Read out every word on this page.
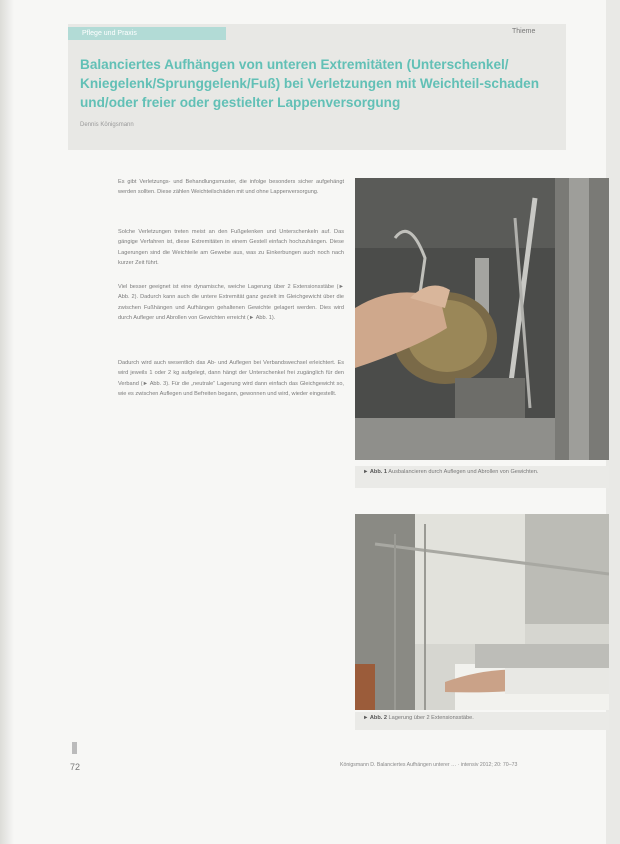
Pflege und Praxis	Thieme
Balanciertes Aufhängen von unteren Extremitäten (Unterschenkel/ Kniegelenk/Sprunggelenk/Fuß) bei Verletzungen mit Weichteil-schaden und/oder freier oder gestielter Lappenversorgung
Dennis Königsmann

Es gibt Verletzungs- und Behandlungsmuster, die infolge besonders sicher aufgehängt werden sollten. Diese zählen Weichteilschäden mit und ohne Lappenversorgung.

Solche Verletzungen treten meist an den Fußgelenken und Unterschenkeln auf. Das gängige Verfahren ist, diese Extremitäten in einem Gestell einfach hochzuhängen. Diese Lagerungen sind die Weichteile am Gewebe aus, was zu Einkerbungen auch noch nach kurzer Zeit führt.

Viel besser geeignet ist eine dynamische, weiche Lagerung über 2 Extensionsstäbe (► Abb. 2). Dadurch kann auch die untere Extremität ganz gezielt im Gleichgewicht über die zwischen Fußhängen und Aufhängen gehaltenen Gewichte gelagert werden. Dies wird durch Aufleger und Abrollen von Gewichten erreicht (► Abb. 1).

Dadurch wird auch wesentlich das Ab- und Auflegen bei Verbandswechsel erleichtert. Es wird jeweils 1 oder 2 kg aufgelegt, dann hängt der Unterschenkel frei zugänglich für den Verband (► Abb. 3). Für die „neutrale“ Lagerung wird dann einfach das Gleichgewicht so, wie es zwischen Auflegen und Befreiten begann, gewonnen und wird, wieder eingestellt.

► Abb. 1 Ausbalancieren durch Auflegen und Abrollen von Gewichten.
► Abb. 2 Lagerung über 2 Extensionsstäbe.
72	Königsmann D. Balanciertes Aufhängen unterer … · intensiv 2012; 20: 70–73
